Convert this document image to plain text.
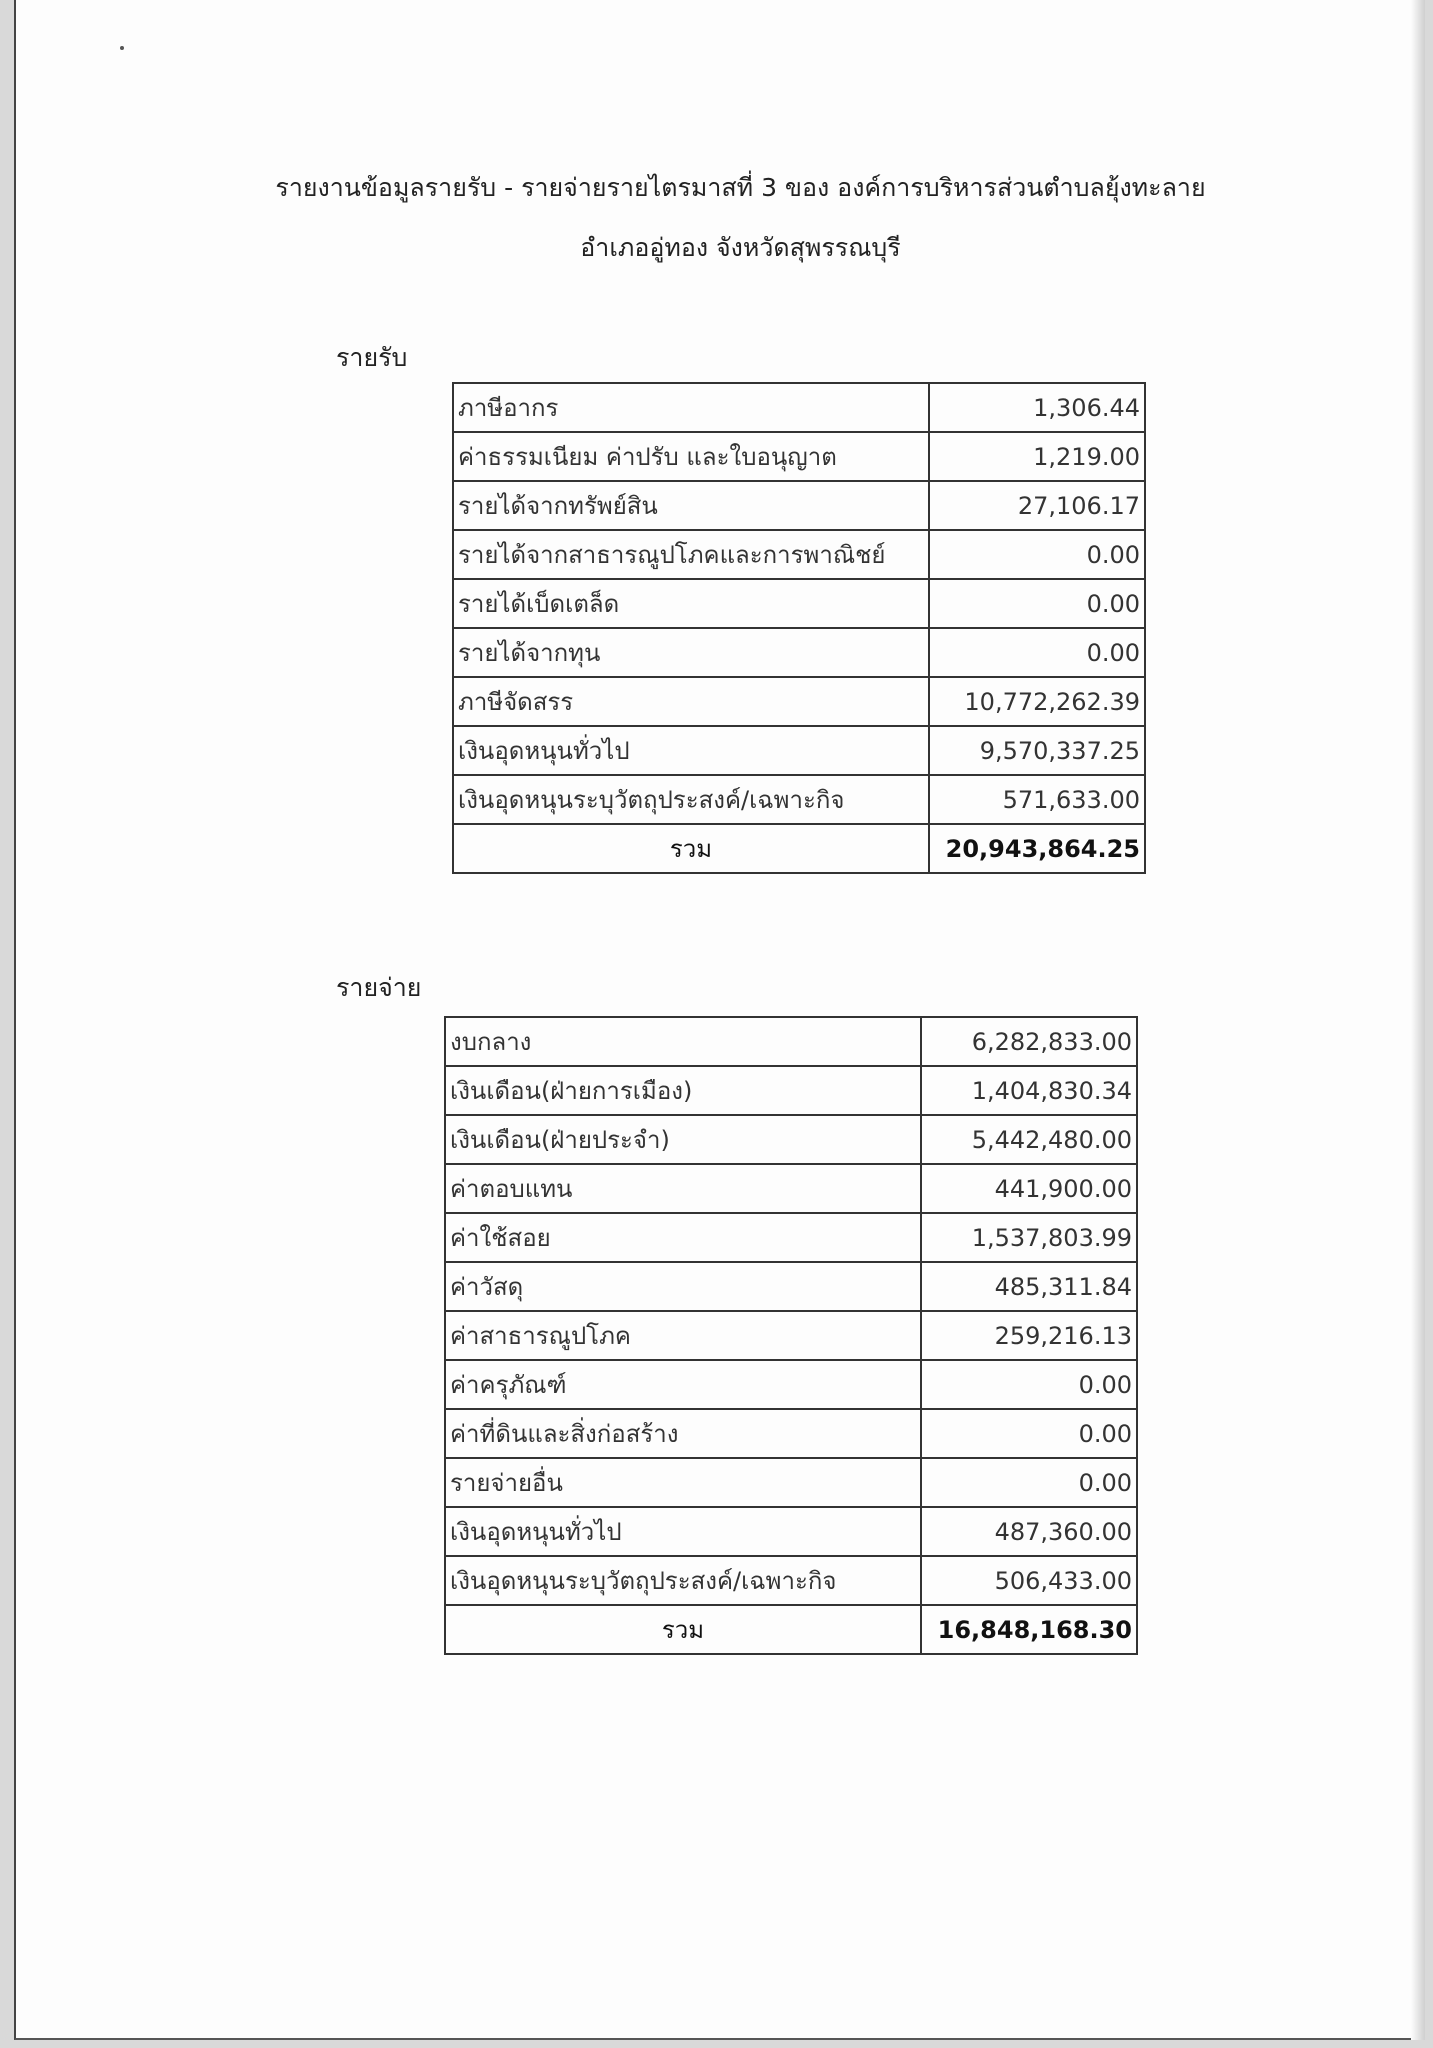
รายงานข้อมูลรายรับ - รายจ่ายรายไตรมาสที่ 3 ของ องค์การบริหารส่วนตำบลยุ้งทะลาย
อำเภออู่ทอง จังหวัดสุพรรณบุรี
รายรับ
ภาษีอากร	1,306.44
ค่าธรรมเนียม ค่าปรับ และใบอนุญาต	1,219.00
รายได้จากทรัพย์สิน	27,106.17
รายได้จากสาธารณูปโภคและการพาณิชย์	0.00
รายได้เบ็ดเตล็ด	0.00
รายได้จากทุน	0.00
ภาษีจัดสรร	10,772,262.39
เงินอุดหนุนทั่วไป	9,570,337.25
เงินอุดหนุนระบุวัตถุประสงค์/เฉพาะกิจ	571,633.00
รวม	20,943,864.25
รายจ่าย
งบกลาง	6,282,833.00
เงินเดือน(ฝ่ายการเมือง)	1,404,830.34
เงินเดือน(ฝ่ายประจำ)	5,442,480.00
ค่าตอบแทน	441,900.00
ค่าใช้สอย	1,537,803.99
ค่าวัสดุ	485,311.84
ค่าสาธารณูปโภค	259,216.13
ค่าครุภัณฑ์	0.00
ค่าที่ดินและสิ่งก่อสร้าง	0.00
รายจ่ายอื่น	0.00
เงินอุดหนุนทั่วไป	487,360.00
เงินอุดหนุนระบุวัตถุประสงค์/เฉพาะกิจ	506,433.00
รวม	16,848,168.30
